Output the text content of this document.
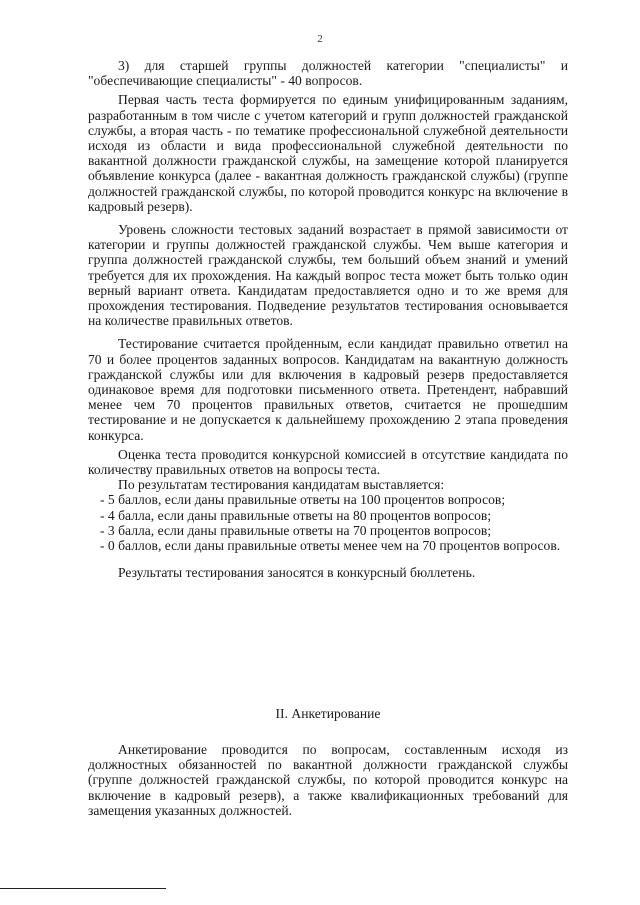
2

3) для старшей группы должностей категории "специалисты" и "обеспечивающие специалисты" - 40 вопросов.

Первая часть теста формируется по единым унифицированным заданиям, разработанным в том числе с учетом категорий и групп должностей гражданской службы, а вторая часть - по тематике профессиональной служебной деятельности исходя из области и вида профессиональной служебной деятельности по вакантной должности гражданской службы, на замещение которой планируется объявление конкурса (далее - вакантная должность гражданской службы) (группе должностей гражданской службы, по которой проводится конкурс на включение в кадровый резерв).

Уровень сложности тестовых заданий возрастает в прямой зависимости от категории и группы должностей гражданской службы. Чем выше категория и группа должностей гражданской службы, тем больший объем знаний и умений требуется для их прохождения. На каждый вопрос теста может быть только один верный вариант ответа. Кандидатам предоставляется одно и то же время для прохождения тестирования. Подведение результатов тестирования основывается на количестве правильных ответов.

Тестирование считается пройденным, если кандидат правильно ответил на 70 и более процентов заданных вопросов. Кандидатам на вакантную должность гражданской службы или для включения в кадровый резерв предоставляется одинаковое время для подготовки письменного ответа. Претендент, набравший менее чем 70 процентов правильных ответов, считается не прошедшим тестирование и не допускается к дальнейшему прохождению 2 этапа проведения конкурса.

Оценка теста проводится конкурсной комиссией в отсутствие кандидата по количеству правильных ответов на вопросы теста.

По результатам тестирования кандидатам выставляется:

- 5 баллов, если даны правильные ответы на 100 процентов вопросов;
- 4 балла, если даны правильные ответы на 80 процентов вопросов;
- 3 балла, если даны правильные ответы на 70 процентов вопросов;
- 0 баллов, если даны правильные ответы менее чем на 70 процентов вопросов.

Результаты тестирования заносятся в конкурсный бюллетень.

II. Анкетирование

Анкетирование проводится по вопросам, составленным исходя из должностных обязанностей по вакантной должности гражданской службы (группе должностей гражданской службы, по которой проводится конкурс на включение в кадровый резерв), а также квалификационных требований для замещения указанных должностей.
